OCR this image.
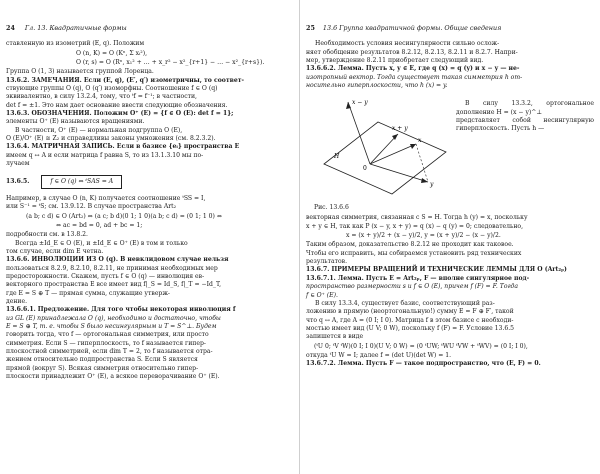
24 Гл. 13. Квадратичные формы

ставленную из изометрий (E, q). Положим

O (n, K) = O (Kⁿ, Σ xᵢ²),

O (r, s) = O (Rⁿ, x₁² + … + x_r² − x²_{r+1} − … − x²_{r+s}).

Группа O (1, 3) называется группой Лоренца.

13.6.2. ЗАМЕЧАНИЯ. Если (E, q), (E′, q′) изометричны, то соответ-

ствующие группы O (q), O (q′) изоморфны. Соотношение f ∈ O (q)

эквивалентно, в силу 13.2.4, тому, что ᵗf = f⁻¹; в частности,

det f = ±1. Это нам дает основание ввести следующие обозначения.

13.6.3. ОБОЗНАЧЕНИЯ. Положим O⁺ (E) = {f ∈ O (E): det f = 1};

элементы O⁺ (E) называются вращениями.

В частности, O⁺ (E) — нормальная подгруппа O (E),

O (E)/O⁺ (E) ≅ Z₂ и справедливы законы умножения (см. 8.2.3.2).

13.6.4. МАТРИЧНАЯ ЗАПИСЬ. Если в базисе {eᵢ} пространства E

имеем q ↔ A и если матрица f равна S, то из 13.1.3.10 мы по-

лучаем

13.6.5.	f ∈ O (q) ⇔ ᵗSAS = A

Например, в случае O (n, K) получается соотношение ᵗSS = I,

или S⁻¹ = ᵗS; см. 13.9.12. В случае пространства Art₂

(a b; c d) ∈ O (Art₂) ⇔ (a c; b d)(0 1; 1 0)(a b; c d) = (0 1; 1 0) ⇔

⇔ ac = bd = 0, ad + bc = 1;

подробности см. в 13.8.2.

Всегда ±Id_E ∈ O (E), и ±Id_E ∈ O⁺ (E) в том и только

том случае, если dim E четна.

13.6.6. ИНВОЛЮЦИИ ИЗ O (q). В невклидовом случае нельзя

пользоваться 8.2.9, 8.2.10, 8.2.11, не принимая необходимых мер

предосторожности. Скажем, пусть f ∈ O (q) — инволюция ев-

векторного пространства E все имеет вид f|_S = Id_S, f|_T = −Id_T,

где E = S ⊕ T — прямая сумма, служащие утверж-

дение.

13.6.6.1. Предложение. Для того чтобы некоторая инволюция f

из GL (E) принадлежала O (q), необходимо и достаточно, чтобы

E = S ⊕ T, т. е. чтобы S было несингулярным и T = S^⊥. Будем

говорить тогда, что f — ортогональная симметрия, или просто

симметрия. Если S — гиперплоскость, то f называется гипер-

плоскостной симметрией, если dim T = 2, то f называется отра-

жением относительно подпространства S. Если S является

прямой (вокруг S). Всякая симметрия относительно гипер-

плоскости принадлежит O⁺ (E), а всякое переворачивание O⁺ (E).

25 13.6 Группа квадратичной формы. Общие сведения

Необходимость условия несингулярности сильно ослож-

няет обобщение результатов 8.2.12, 8.2.13, 8.2.11 и 8.2.7. Напри-

мер, утверждение 8.2.11 приобретает следующий вид.

13.6.6.2. Лемма. Пусть x, y ∈ E, где q (x) = q (y) и x − y — не-

изотропный вектор. Тогда существует такая симметрия h от-

носительно гиперплоскости, что h (x) = y.

x − y
x + y
x
y
H
0

В силу 13.3.2, ортогональное дополнение H = (x − y)^⊥

представляет собой несингулярную гиперплоскость. Пусть h —

Рис. 13.6.6

векторная симметрия, связанная с S = H. Тогда h (y) = x, поскольку

x + y ∈ H, так как P (x − y, x + y) = q (x) − q (y) = 0; следовательно,

x = (x + y)/2 + (x − y)/2, y = (x + y)/2 − (x − y)/2.

Таким образом, доказательство 8.2.12 не проходит как таковое.

Чтобы его исправить, мы собираемся установить ряд технических

результатов.

13.6.7. ПРИМЕРЫ ВРАЩЕНИЙ И ТЕХНИЧЕСКИЕ ЛЕММЫ ДЛЯ O (Art₂ₚ)

13.6.7.1. Лемма. Пусть E = Art₂ₚ, F — вполне сингулярное под-

пространство размерности s и f ∈ O (E), причем f (F) = F. Тогда

f ∈ O⁺ (E).

В силу 13.3.4, существует базис, соответствующий раз-

ложению в прямую (неортогональную!) сумму E = F ⊕ F′, такой

что q ↔ A, где A = (0 I; I 0). Матрица f в этом базисе с необходи-

мостью имеет вид (U V; 0 W), поскольку f (F) = F. Условие 13.6.5

запишется в виде

(ᵗU 0; ᵗV ᵗW)(0 I; I 0)(U V; 0 W) = (0 ᵗUW; ᵗWU ᵗVW + ᵗWV) = (0 I; I 0),

откуда ᵗU W = I; далее f = (det U)(det W) = 1.

13.6.7.2. Лемма. Пусть F — такое подпространство, что (E, F) = 0.
